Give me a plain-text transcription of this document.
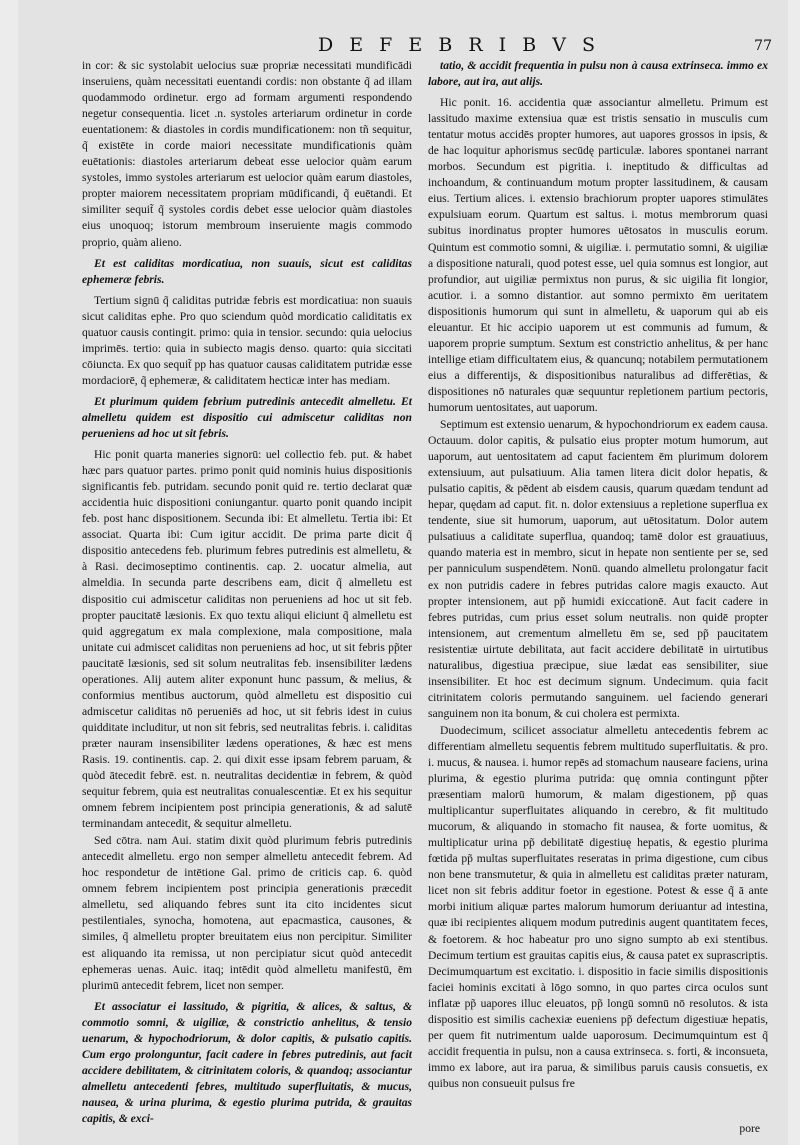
D E F E B R I B V S	77

in cor: & sic systolabit uelocius suæ propriæ necessitati mundificādi inseruiens, quàm necessitati euentandi cordis: non obstante q̃ ad illam quodammodo ordinetur. ergo ad formam argumenti respondendo negetur consequentia. licet .n. systoles arteriarum ordinetur in corde euentationem: & diastoles in cordis mundificationem: non tñ sequitur, q̃ existēte in corde maiori necessitate mundificationis quàm euētationis: diastoles arteriarum debeat esse uelocior quàm earum systoles, immo systoles arteriarum est uelocior quàm earum diastoles, propter maiorem necessitatem propriam mūdificandi, q̃ euētandi. Et similiter sequit̃ q̃ systoles cordis debet esse uelocior quàm diastoles eius unoquoq; istorum membroum inseruiente magis commodo proprio, quàm alieno.

Et est caliditas mordicatiua, non suauis, sicut est caliditas ephemeræ febris.

Tertium signū q̃ caliditas putridæ febris est mordicatiua: non suauis sicut caliditas ephe. Pro quo sciendum quòd mordicatio caliditatis ex quatuor causis contingit. primo: quia in tensior. secundo: quia uelocius imprimēs. tertio: quia in subiecto magis denso. quarto: quia siccitati cōiuncta. Ex quo sequit̃ pp has quatuor causas caliditatem putridæ esse mordaciorē, q̃ ephemeræ, & caliditatem hecticæ inter has mediam.

Et plurimum quidem febrium putredinis antecedit almelletu. Et almelletu quidem est dispositio cui admiscetur caliditas non peruenìens ad hoc ut sit febris.

Hic ponit quarta maneries signorū: uel collectio feb. put. & habet hæc pars quatuor partes. primo ponit quid nominis huius dispositionis significantis feb. putridam. secundo ponit quid re. tertio declarat quæ accidentia huic dispositioni coniungantur. quarto ponit quando incipit feb. post hanc dispositionem. Secunda ibi: Et almelletu. Tertia ibi: Et associat. Quarta ibi: Cum igitur accidit. De prima parte dicit q̃ dispositio antecedens feb. plurimum febres putredinis est almelletu, & à Rasi. decimoseptimo continentis. cap. 2. uocatur almelia, aut almeldia. In secunda parte describens eam, dicit q̃ almelletu est dispositio cui admiscetur caliditas non perueniens ad hoc ut sit feb. propter paucitatē læsionis. Ex quo textu aliqui eliciunt q̃ almelletu est quid aggregatum ex mala complexione, mala compositione, mala unitate cui admiscet caliditas non perueniens ad hoc, ut sit febris pp̃ter paucitatē læsionis, sed sit solum neutralitas feb. insensibiliter lædens operationes. Alij autem aliter exponunt hunc passum, & melius, & conformius mentibus auctorum, quòd almelletu est dispositio cui admiscetur caliditas nō perueniēs ad hoc, ut sit febris idest in cuius quidditate includitur, ut non sit febris, sed neutralitas febris. i. caliditas præter nauram insensibiliter lædens operationes, & hæc est mens Rasis. 19. continentis. cap. 2. qui dixit esse ipsam febrem paruam, & quòd ātecedit febrē. est. n. neutralitas decidentiæ in febrem, & quòd sequitur febrem, quia est neutralitas conualescentiæ. Et ex his sequitur omnem febrem incipientem post principia generationis, & ad salutē terminandam antecedit, & sequitur almelletu.

Sed cōtra. nam Aui. statim dixit quòd plurimum febris putredinis antecedit almelletu. ergo non semper almelletu antecedit febrem. Ad hoc respondetur de intētione Gal. primo de criticis cap. 6. quòd omnem febrem incipientem post principia generationis præcedit almelletu, sed aliquando febres sunt ita cito incidentes sicut pestilentiales, synocha, homotena, aut epacmastica, causones, & similes, q̃ almelletu propter breuitatem eius non percipitur. Similiter est aliquando ita remissa, ut non percipiatur sicut quòd antecedit ephemeras uenas. Auic. itaq; intēdit quòd almelletu manifestū, ēm plurimū antecedit febrem, licet non semper.

Et associatur ei lassitudo, & pigritia, & alices, & saltus, & commotio somni, & uigiliæ, & constrictio anhelitus, & tensio uenarum, & hypochodriorum, & dolor capitis, & pulsatio capitis. Cum ergo prolonguntur, facit cadere in febres putredinis, aut facit accidere debilitatem, & citrinitatem coloris, & quandoq; associantur almelletu antecedenti febres, multitudo superfluitatis, & mucus, nausea, & urina plurima, & egestio plurima putrida, & grauitas capitis, & exci-

tatio, & accidit frequentia in pulsu non à causa extrinseca. immo ex labore, aut ira, aut alijs.

Hic ponit. 16. accidentia quæ associantur almelletu. Primum est lassitudo maxime extensiua quæ est tristis sensatio in musculis cum tentatur motus accidēs propter humores, aut uapores grossos in ipsis, & de hac loquitur aphorismus secūdę particulæ. labores spontanei narrant morbos. Secundum est pigritia. i. ineptitudo & difficultas ad inchoandum, & continuandum motum propter lassitudinem, & causam eius. Tertium alices. i. extensio brachiorum propter uapores stimulātes expulsiuam eorum. Quartum est saltus. i. motus membrorum quasi subitus inordinatus propter humores uētosatos in musculis eorum. Quintum est commotio somni, & uigiliæ. i. permutatio somni, & uigiliæ a dispositione naturali, quod potest esse, uel quia somnus est longior, aut profundior, aut uigiliæ permixtus non purus, & sic uigilia fit longior, acutior. i. a somno distantior. aut somno permixto ēm ueritatem dispositionis humorum qui sunt in almelletu, & uaporum qui ab eis eleuantur. Et hic accipio uaporem ut est communis ad fumum, & uaporem proprie sumptum. Sextum est constrictio anhelitus, & per hanc intellige etiam difficultatem eius, & quancunq; notabilem permutationem eius a differentijs, & dispositionibus naturalibus ad differētias, & dispositiones nō naturales quæ sequuntur repletionem partium pectoris, humorum uentositates, aut uaporum.

Septimum est extensio uenarum, & hypochondriorum ex eadem causa. Octauum. dolor capitis, & pulsatio eius propter motum humorum, aut uaporum, aut uentositatem ad caput facientem ēm plurimum dolorem extensiuum, aut pulsatiuum. Alia tamen litera dicit dolor hepatis, & pulsatio capitis, & pēdent ab eisdem causis, quarum quædam tendunt ad hepar, quędam ad caput. fit. n. dolor extensiuus a repletione superflua ex tendente, siue sit humorum, uaporum, aut uētositatum. Dolor autem pulsatiuus a caliditate superflua, quandoq; tamē dolor est grauatiuus, quando materia est in membro, sicut in hepate non sentiente per se, sed per panniculum suspendētem. Nonū. quando almelletu prolongatur facit ex non putridis cadere in febres putridas calore magis exaucto. Aut propter intensionem, aut pp̃ humidi exiccationē. Aut facit cadere in febres putridas, cum prius esset solum neutralis. non quidē propter intensionem, aut crementum almelletu ēm se, sed pp̃ paucitatem resistentiæ uirtute debilitata, aut facit accidere debilitatē in uirtutibus naturalibus, digestiua præcipue, siue lædat eas sensibiliter, siue insensibiliter. Et hoc est decimum signum. Undecimum. quia facit citrinitatem coloris permutando sanguinem. uel faciendo generari sanguinem non ita bonum, & cui cholera est permixta.

Duodecimum, scilicet associatur almelletu antecedentis febrem ac differentiam almelletu sequentis febrem multitudo superfluitatis. & pro. i. mucus, & nausea. i. humor repēs ad stomachum nauseare faciens, urina plurima, & egestio plurima putrida: quę omnia contingunt pp̃ter præsentiam malorū humorum, & malam digestionem, pp̃ quas multiplicantur superfluitates aliquando in cerebro, & fit multitudo mucorum, & aliquando in stomacho fit nausea, & forte uomitus, & multiplicatur urina pp̃ debilitatē digestiuę hepatis, & egestio plurima fœtida pp̃ multas superfluitates reseratas in prima digestione, cum cibus non bene transmutetur, & quia in almelletu est caliditas præter naturam, licet non sit febris additur foetor in egestione. Potest & esse q̃ ā ante morbi initium aliquæ partes malorum humorum deriuantur ad intestina, quæ ibi recipientes aliquem modum putredinis augent quantitatem feces, & foetorem. & hoc habeatur pro uno signo sumpto ab exi stentibus. Decimum tertium est grauitas capitis eius, & causa patet ex suprascriptis. Decimumquartum est excitatio. i. dispositio in facie similis dispositionis faciei hominis excitati à lōgo somno, in quo partes circa oculos sunt inflatæ pp̃ uapores illuc eleuatos, pp̃ longū somnū nō resolutos. & ista dispositio est similis cachexiæ eueniens pp̃ defectum digestiuæ hepatis, per quem fit nutrimentum ualde uaporosum. Decimumquintum est q̃ accidit frequentia in pulsu, non a causa extrinseca. s. forti, & inconsueta, immo ex labore, aut ira parua, & similibus paruis causis consuetis, ex quibus non consueuit pulsus fre

pore
